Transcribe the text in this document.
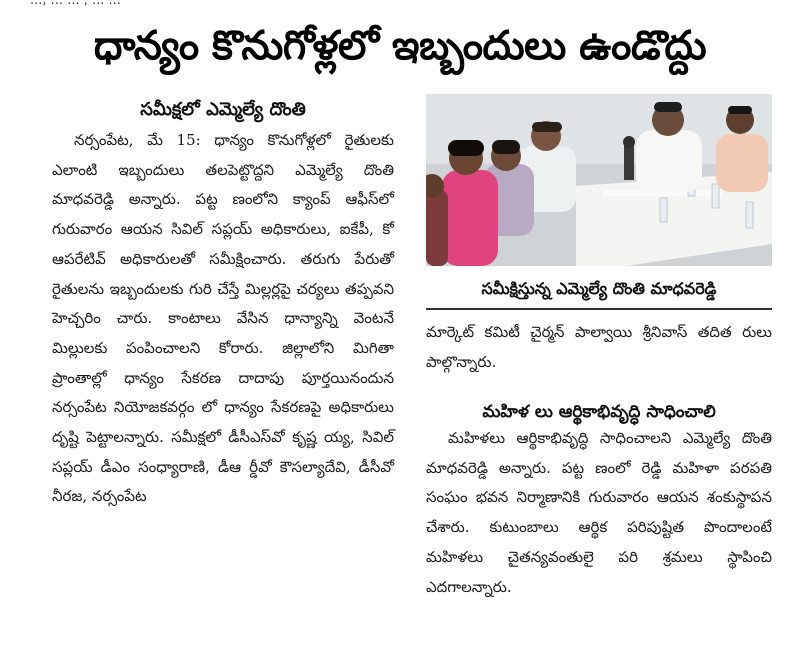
..., ... ... , ... ...
ధాన్యం కొనుగోళ్లలో ఇబ్బందులు ఉండొద్దు
సమీక్షలో ఎమ్మెల్యే దొంతి

నర్సంపేట, మే 15: ధాన్యం కొనుగోళ్లలో రైతులకు ఎలాంటి ఇబ్బందులు తలపెట్టొద్దని ఎమ్మెల్యే దొంతి మాధవరెడ్డి అన్నారు. పట్ట ణంలోని క్యాంప్ ఆఫీస్‌లో గురువారం ఆయన సివిల్ సప్లయ్ అధికారులు, ఐకేపీ, కో ఆపరేటివ్ అధికారులతో సమీక్షించారు. తరుగు పేరుతో రైతులను ఇబ్బందులకు గురి చేస్తే మిల్లర్లపై చర్యలు తప్పవని హెచ్చరిం చారు. కాంటాలు వేసిన ధాన్యాన్ని వెంటనే మిల్లులకు పంపించాలని కోరారు. జిల్లాలోని మిగితా ప్రాంతాల్లో ధాన్యం సేకరణ దాదాపు పూర్తయినందున నర్సంపేట నియోజకవర్గం లో ధాన్యం సేకరణపై అధికారులు దృష్టి పెట్టాలన్నారు. సమీక్షలో డీసీఎస్‌వో కృష్ణ య్య, సివిల్ సప్లయ్ డీఎం సంధ్యారాణి, డీఆ ర్డీవో కౌసల్యాదేవి, డీసీవో నీరజ, నర్సంపేట

సమీక్షిస్తున్న ఎమ్మెల్యే దొంతి మాధవరెడ్డి

మార్కెట్ కమిటీ చైర్మన్ పాల్వాయి శ్రీనివాస్ తదిత రులు పాల్గొన్నారు.

మహిళ లు ఆర్థికాభివృద్ధి సాధించాలి

మహిళలు ఆర్థికాభివృద్ధి సాధించాలని ఎమ్మెల్యే దొంతి మాధవరెడ్డి అన్నారు. పట్ట ణంలో రెడ్డి మహిళా పరపతి సంఘం భవన నిర్మాణానికి గురువారం ఆయన శంకుస్థాపన చేశారు. కుటుంబాలు ఆర్థిక పరిపుష్టిత పొందాలంటే మహిళలు చైతన్యవంతులై పరి శ్రమలు స్థాపించి ఎదగాలన్నారు.
